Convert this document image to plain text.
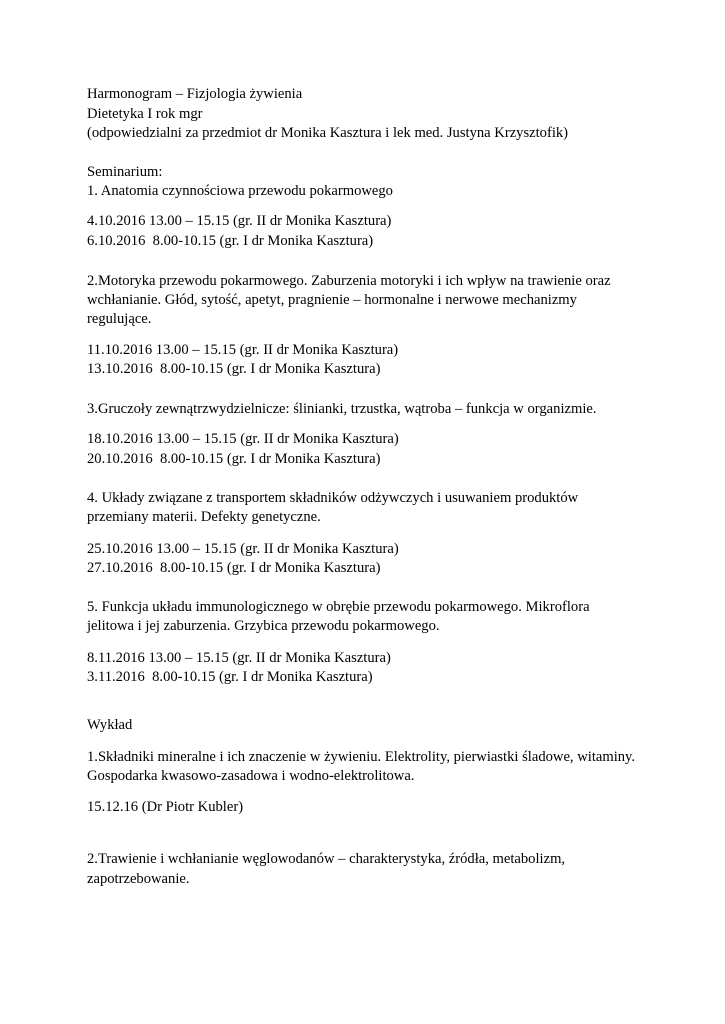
Harmonogram – Fizjologia żywienia
Dietetyka I rok mgr
(odpowiedzialni za przedmiot dr Monika Kasztura i lek med. Justyna Krzysztofik)
Seminarium:
1. Anatomia czynnościowa przewodu pokarmowego
4.10.2016 13.00 – 15.15 (gr. II dr Monika Kasztura)
6.10.2016  8.00-10.15 (gr. I dr Monika Kasztura)
2.Motoryka przewodu pokarmowego. Zaburzenia motoryki i ich wpływ na trawienie oraz
wchłanianie. Głód, sytość, apetyt, pragnienie – hormonalne i nerwowe mechanizmy
regulujące.
11.10.2016 13.00 – 15.15 (gr. II dr Monika Kasztura)
13.10.2016  8.00-10.15 (gr. I dr Monika Kasztura)
3.Gruczoły zewnątrzwydzielnicze: ślinianki, trzustka, wątroba – funkcja w organizmie.
18.10.2016 13.00 – 15.15 (gr. II dr Monika Kasztura)
20.10.2016  8.00-10.15 (gr. I dr Monika Kasztura)
4. Układy związane z transportem składników odżywczych i usuwaniem produktów
przemiany materii. Defekty genetyczne.
25.10.2016 13.00 – 15.15 (gr. II dr Monika Kasztura)
27.10.2016  8.00-10.15 (gr. I dr Monika Kasztura)
5. Funkcja układu immunologicznego w obrębie przewodu pokarmowego. Mikroflora
jelitowa i jej zaburzenia. Grzybica przewodu pokarmowego.
8.11.2016 13.00 – 15.15 (gr. II dr Monika Kasztura)
3.11.2016  8.00-10.15 (gr. I dr Monika Kasztura)
Wykład
1.Składniki mineralne i ich znaczenie w żywieniu. Elektrolity, pierwiastki śladowe, witaminy.
Gospodarka kwasowo-zasadowa i wodno-elektrolitowa.
15.12.16 (Dr Piotr Kubler)
2.Trawienie i wchłanianie węglowodanów – charakterystyka, źródła, metabolizm,
zapotrzebowanie.
